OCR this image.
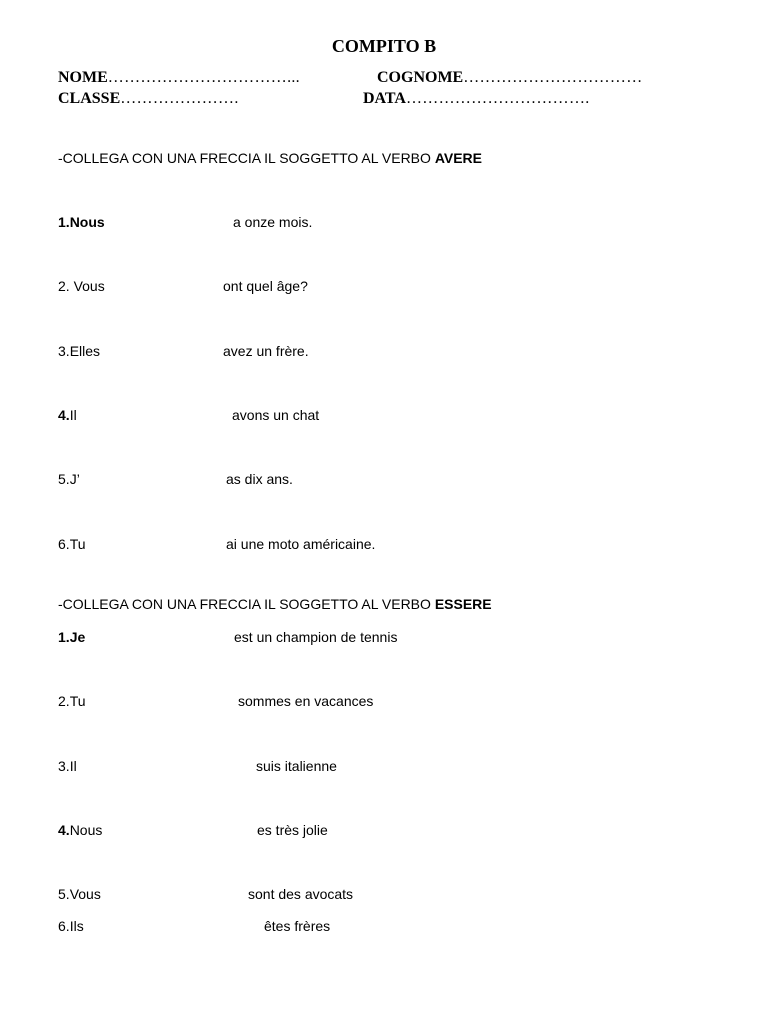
COMPITO B
NOME……………………………...	COGNOME……………………………
CLASSE………………….	DATA…………………………….
-COLLEGA CON UNA FRECCIA IL SOGGETTO AL VERBO AVERE
1.Nous
2. Vous
3.Elles
4.Il
5.J’
6.Tu
a onze mois.
ont quel âge?
avez un frère.
avons un chat
as dix ans.
ai une moto américaine.
-COLLEGA CON UNA FRECCIA IL SOGGETTO AL VERBO ESSERE
1.Je
2.Tu
3.Il
4.Nous
5.Vous
6.Ils
est un champion de tennis
sommes en vacances
suis italienne
es très jolie
sont des avocats
êtes frères
